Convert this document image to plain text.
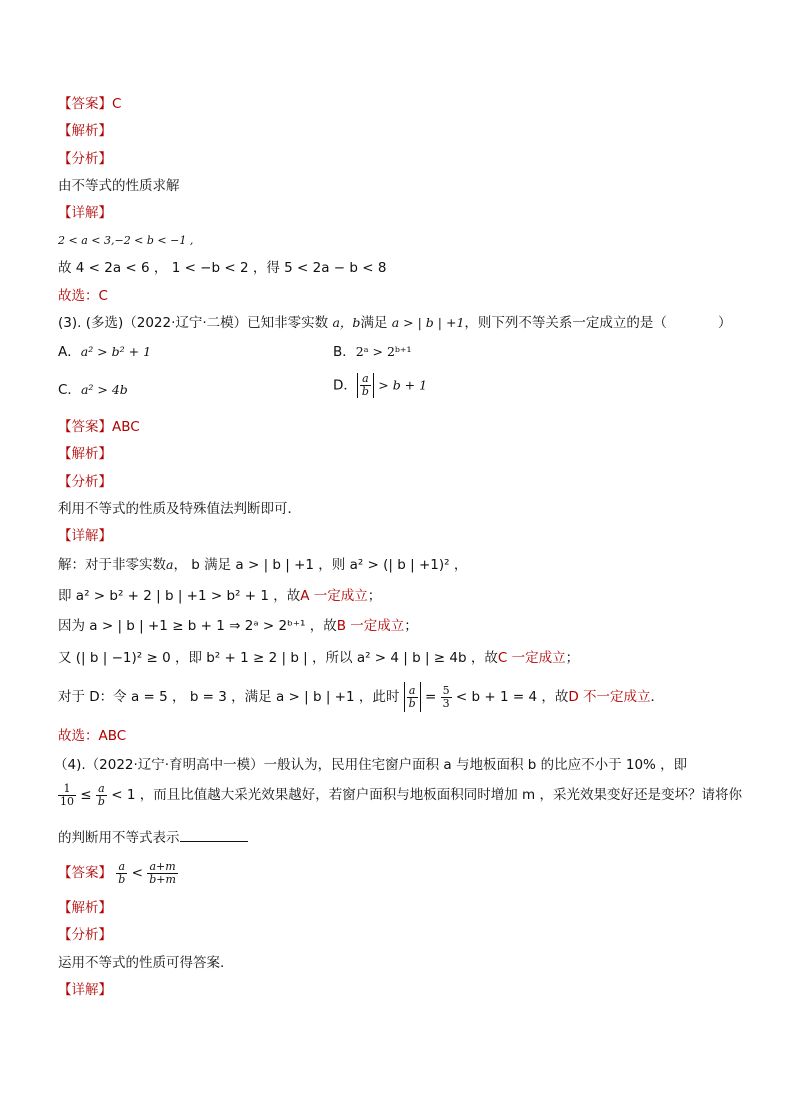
【答案】C
【解析】
【分析】
由不等式的性质求解
【详解】
2 < a < 3,−2 < b < −1 ,
故 4 < 2a < 6 ， 1 < −b < 2 ，得 5 < 2a − b < 8
故选：C
(3). (多选)（2022·辽宁·二模）已知非零实数 a，b满足 a > | b | +1，则下列不等关系一定成立的是（	）
A．a² > b² + 1	B．2ᵃ > 2ᵇ⁺¹
C．a² > 4b	D． $\frac{a}{b} > b + 1$
【答案】ABC
【解析】
【分析】
利用不等式的性质及特殊值法判断即可．
【详解】
解：对于非零实数a， b 满足 a > | b | +1 ，则 a² > (| b | +1)² ，
即 a² > b² + 2 | b | +1 > b² + 1 ，故A 一定成立；
因为 a > | b | +1 ≥ b + 1 ⇒ 2ᵃ > 2ᵇ⁺¹ ，故B 一定成立；
又 (| b | −1)² ≥ 0 ，即 b² + 1 ≥ 2 | b | ，所以 a² > 4 | b | ≥ 4b ，故C 一定成立；
对于 D：令 a = 5 ， b = 3 ，满足 a > | b | +1 ，此时 $\frac{a}{b} = \frac{5}{3} < b + 1 = 4$ ，故D 不一定成立．
故选：ABC
（4).（2022·辽宁·育明高中一模）一般认为，民用住宅窗户面积 a 与地板面积 b 的比应不小于 10% ，即
$\frac{1}{10} \le \frac{a}{b} < 1$ ，而且比值越大采光效果越好，若窗户面积与地板面积同时增加 m ，采光效果变好还是变坏？请将你
的判断用不等式表示
【答案】 $\frac{a}{b} < \frac{a+m}{b+m}$
【解析】
【分析】
运用不等式的性质可得答案.
【详解】
